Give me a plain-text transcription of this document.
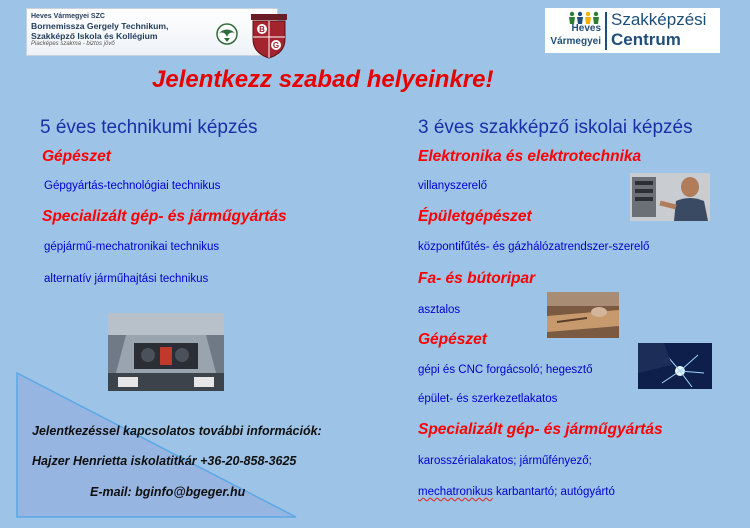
Heves Vármegyei SZC
Bornemissza Gergely Technikum,
Szakképző Iskola és Kollégium
Piacképes szakma - biztos jövő
B
G
Heves
Vármegyei
Szakképzési
Centrum
Jelentkezz szabad helyeinkre!
5 éves technikumi képzés
Gépészet
Gépgyártás-technológiai technikus
Specializált gép- és járműgyártás
gépjármű-mechatronikai technikus
alternatív járműhajtási technikus
Jelentkezéssel kapcsolatos további információk:
Hajzer Henrietta iskolatitkár +36-20-858-3625
E-mail: bginfo@bgeger.hu
3 éves szakképző iskolai képzés
Elektronika és elektrotechnika
villanyszerelő
Épületgépészet
központifűtés- és gázhálózatrendszer-szerelő
Fa- és bútoripar
asztalos
Gépészet
gépi és CNC forgácsoló; hegesztő
épület- és szerkezetlakatos
Specializált gép- és járműgyártás
karosszérialakatos; járműfényező;
mechatronikus karbantartó; autógyártó
